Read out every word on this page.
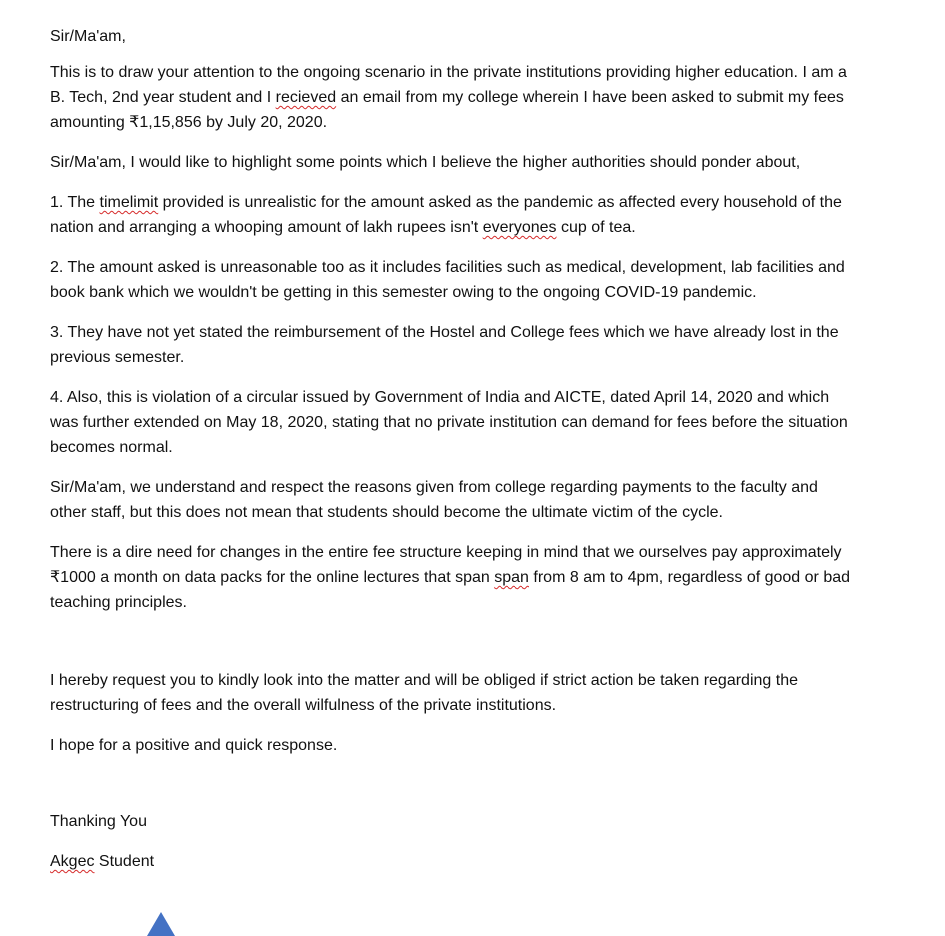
Sir/Ma'am,

This is to draw your attention to the ongoing scenario in the private institutions providing higher education. I am a B. Tech, 2nd year student and I recieved an email from my college wherein I have been asked to submit my fees amounting ₹1,15,856 by July 20, 2020.

Sir/Ma'am, I would like to highlight some points which I believe the higher authorities should ponder about,

1. The timelimit provided is unrealistic for the amount asked as the pandemic as affected every household of the nation and arranging a whooping amount of lakh rupees isn't everyones cup of tea.

2. The amount asked is unreasonable too as it includes facilities such as medical, development, lab facilities and book bank which we wouldn't be getting in this semester owing to the ongoing COVID-19 pandemic.

3. They have not yet stated the reimbursement of the Hostel and College fees which we have already lost in the previous semester.

4. Also, this is violation of a circular issued by Government of India and AICTE, dated April 14, 2020 and which was further extended on May 18, 2020, stating that no private institution can demand for fees before the situation becomes normal.

Sir/Ma'am, we understand and respect the reasons given from college regarding payments to the faculty and other staff, but this does not mean that students should become the ultimate victim of the cycle.

There is a dire need for changes in the entire fee structure keeping in mind that we ourselves pay approximately ₹1000 a month on data packs for the online lectures that span span from 8 am to 4pm, regardless of good or bad teaching principles.

I hereby request you to kindly look into the matter and will be obliged if strict action be taken regarding the restructuring of fees and the overall wilfulness of the private institutions.

I hope for a positive and quick response.

Thanking You

Akgec Student
